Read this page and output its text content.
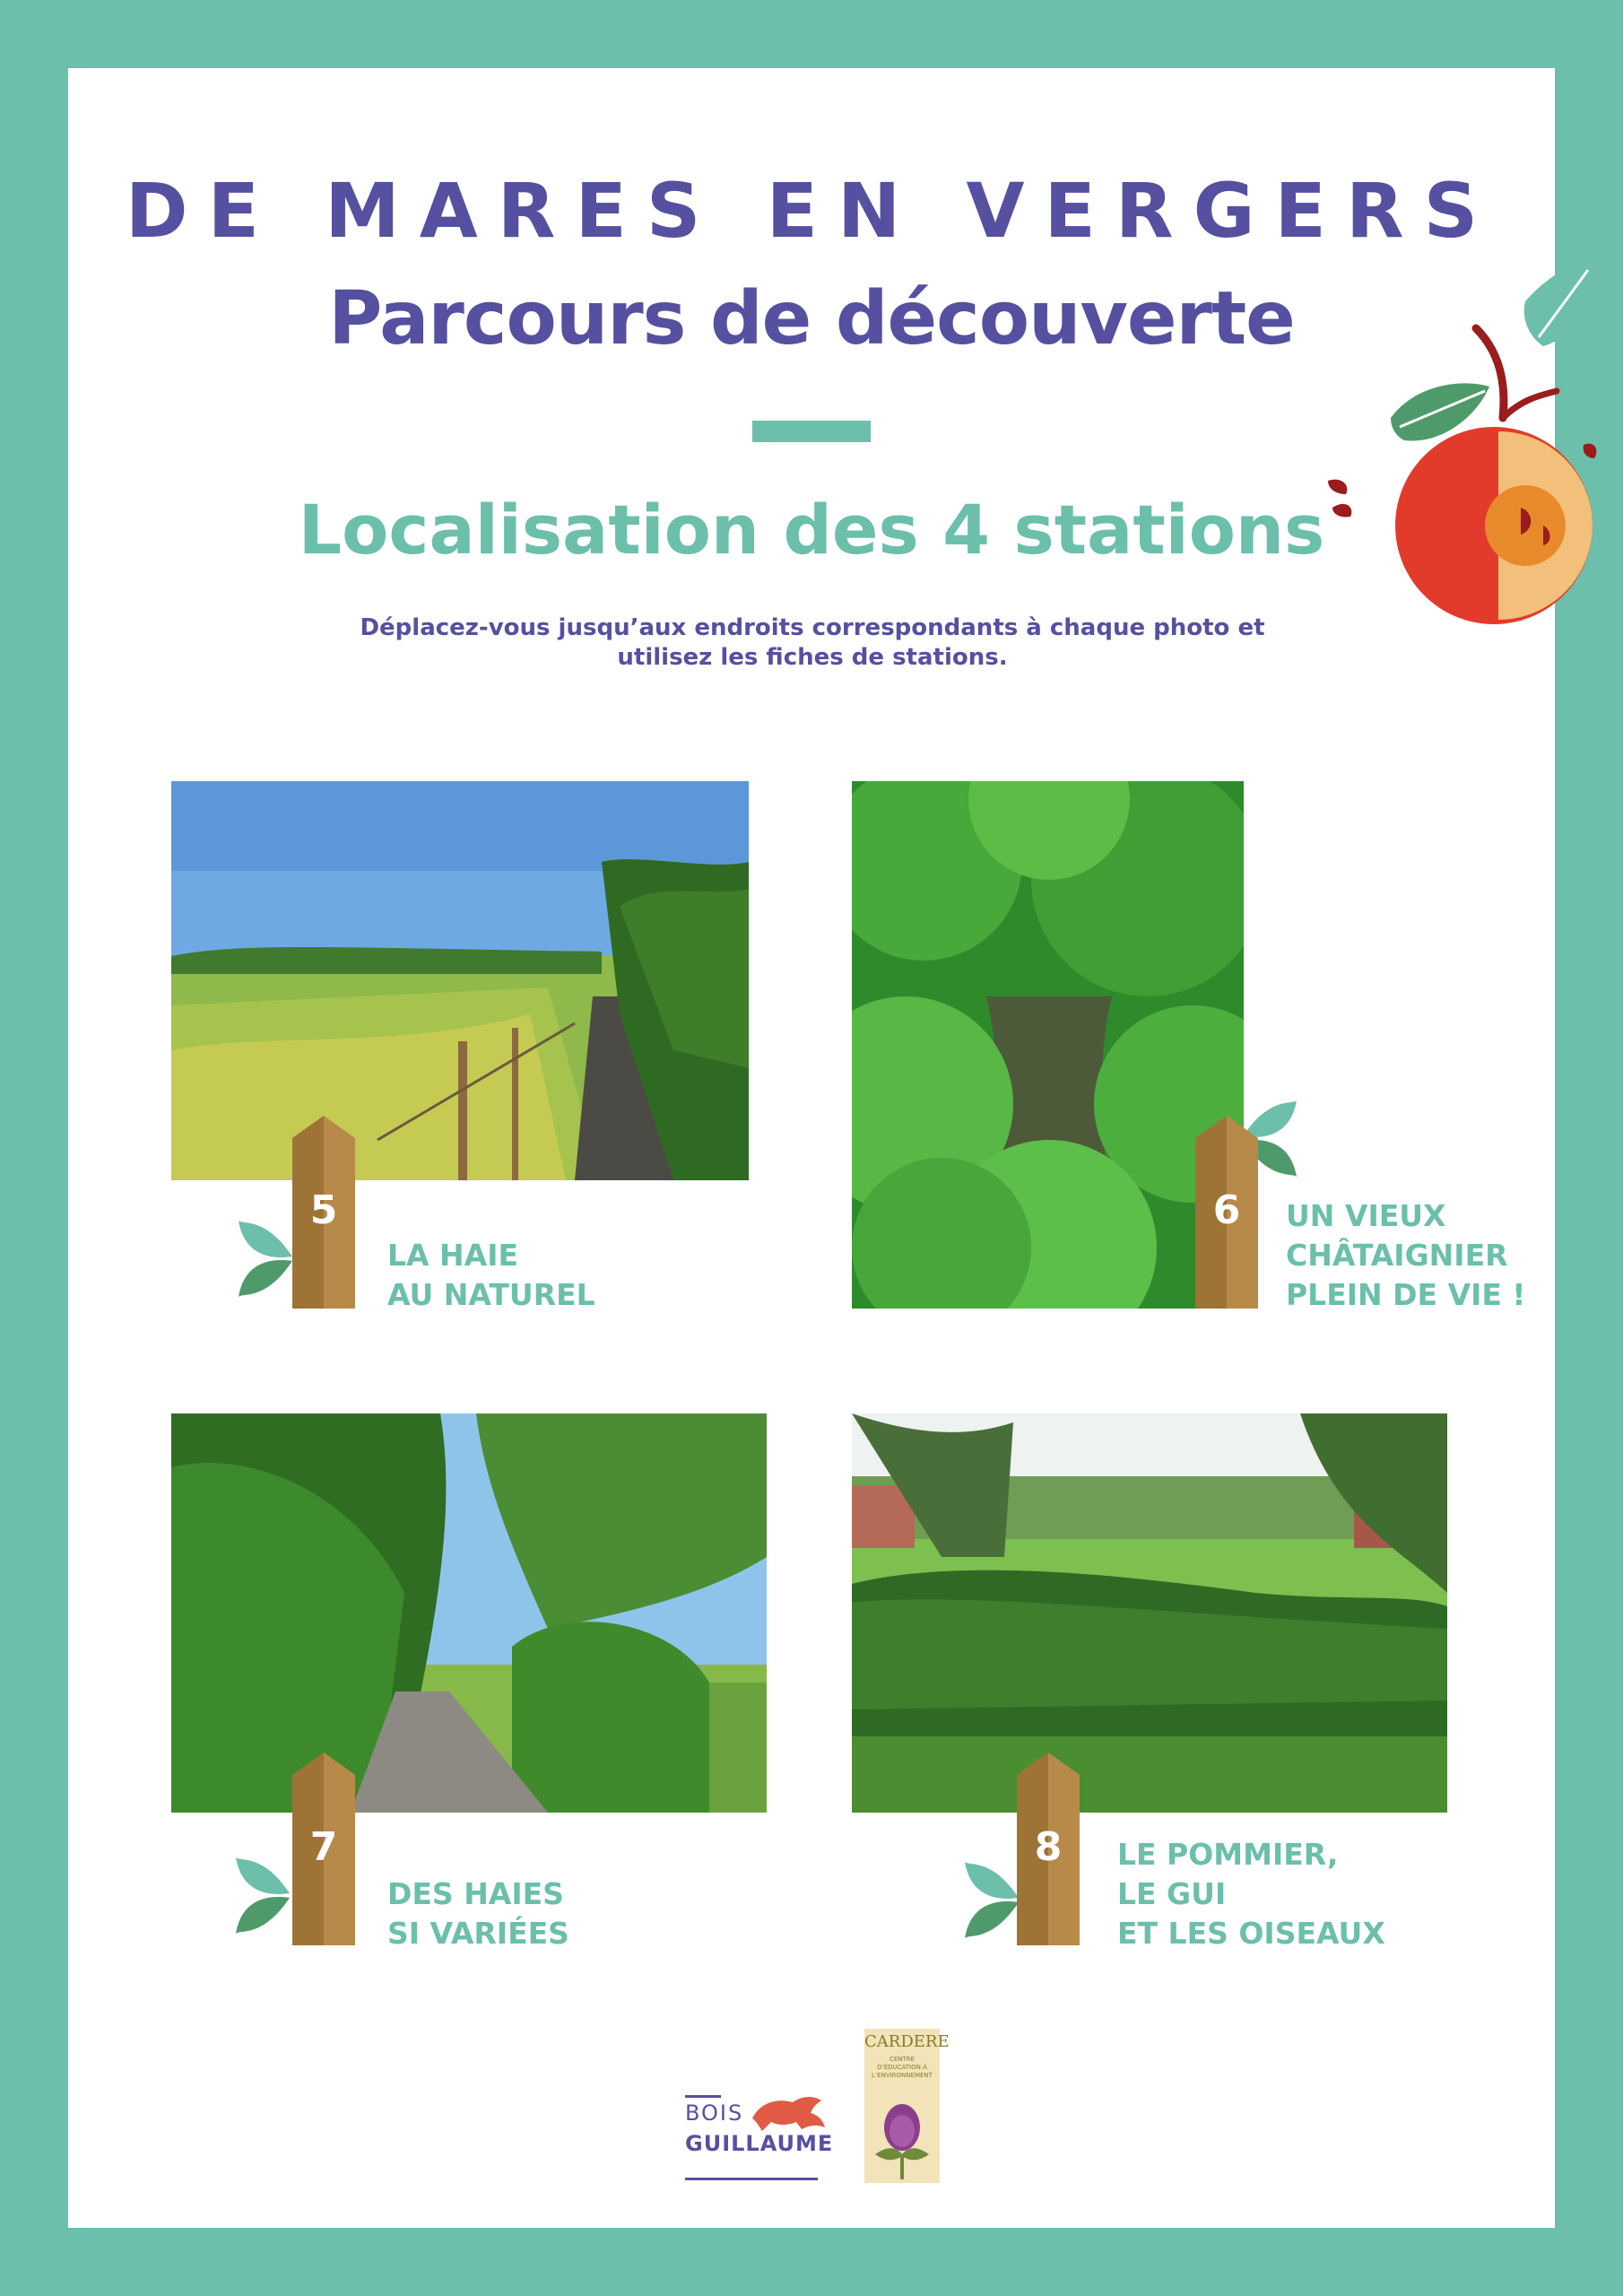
DE MARES EN VERGERS
Parcours de découverte
Localisation des 4 stations

Déplacez-vous jusqu’aux endroits correspondants à chaque photo et utilisez les fiches de stations.

5
LA HAIE
AU NATUREL
6	UN VIEUX
CHÂTAIGNIER
PLEIN DE VIE !
7
DES HAIES
SI VARIÉES
8	LE POMMIER,
LE GUI
ET LES OISEAUX
BOIS
GUILLAUME
CARDERE
CENTRE D’ÉDUCATION À L’ENVIRONNEMENT
